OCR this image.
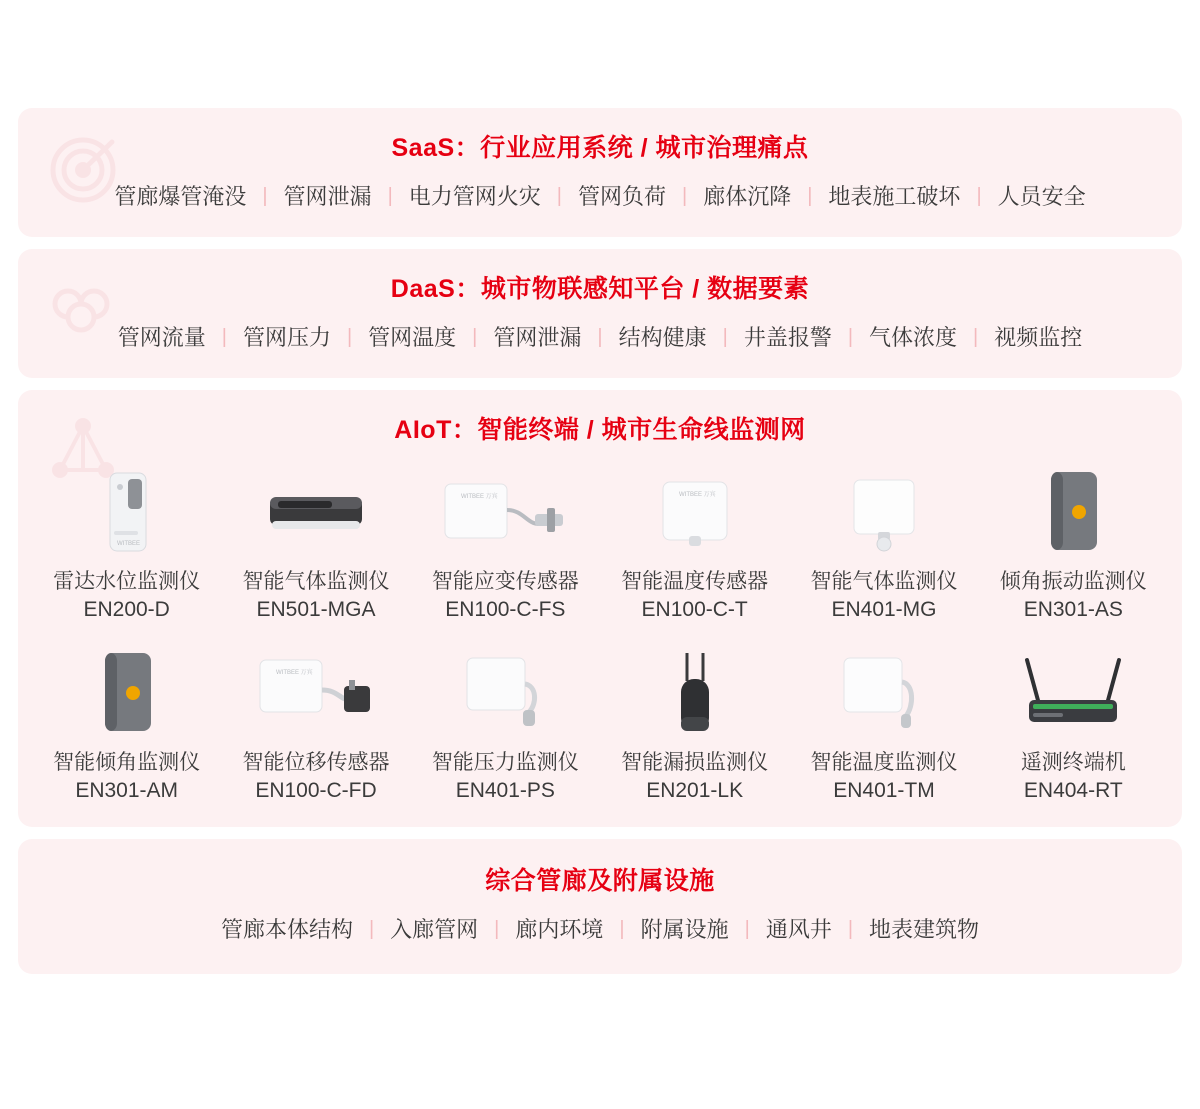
SaaS：行业应用系统 / 城市治理痛点
管廊爆管淹没 | 管网泄漏 | 电力管网火灾 | 管网负荷 | 廊体沉降 | 地表施工破坏 | 人员安全
DaaS：城市物联感知平台 / 数据要素
管网流量 | 管网压力 | 管网温度 | 管网泄漏 | 结构健康 | 井盖报警 | 气体浓度 | 视频监控
AIoT：智能终端 / 城市生命线监测网
WITBEE
雷达水位监测仪
EN200-D
智能气体监测仪
EN501-MGA
WITBEE 万宾
智能应变传感器
EN100-C-FS
WITBEE 万宾
智能温度传感器
EN100-C-T
智能气体监测仪
EN401-MG
倾角振动监测仪
EN301-AS
智能倾角监测仪
EN301-AM
WITBEE 万宾
智能位移传感器
EN100-C-FD
智能压力监测仪
EN401-PS
智能漏损监测仪
EN201-LK
智能温度监测仪
EN401-TM
遥测终端机
EN404-RT
综合管廊及附属设施
管廊本体结构 | 入廊管网 | 廊内环境 | 附属设施 | 通风井 | 地表建筑物
